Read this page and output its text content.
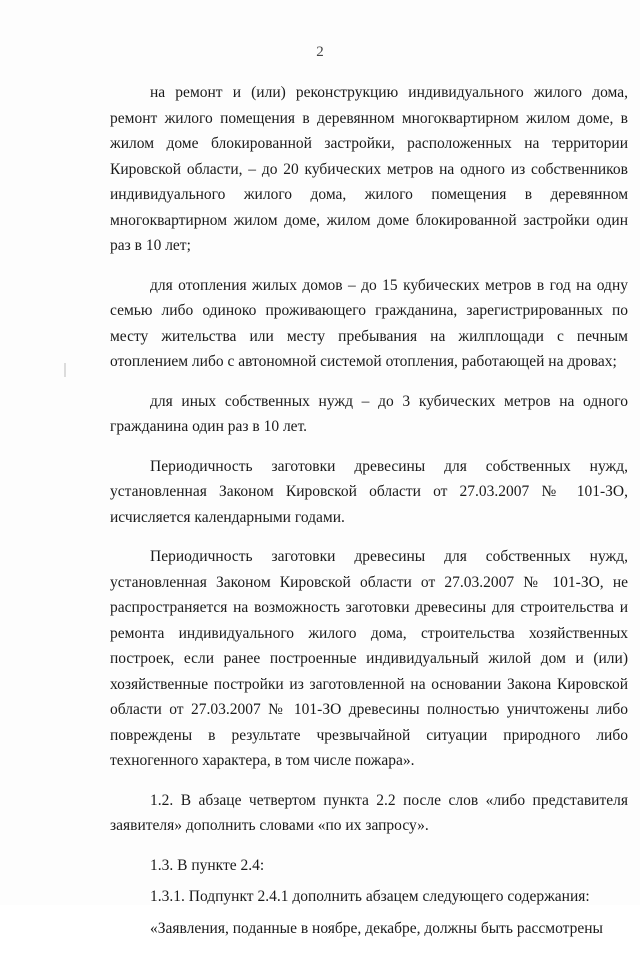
2

на ремонт и (или) реконструкцию индивидуального жилого дома, ремонт жилого помещения в деревянном многоквартирном жилом доме, в жилом доме блокированной застройки, расположенных на территории Кировской области, – до 20 кубических метров на одного из собственников индивидуального жилого дома, жилого помещения в деревянном многоквартирном жилом доме, жилом доме блокированной застройки один раз в 10 лет;

для отопления жилых домов – до 15 кубических метров в год на одну семью либо одиноко проживающего гражданина, зарегистрированных по месту жительства или месту пребывания на жилплощади с печным отоплением либо с автономной системой отопления, работающей на дровах;

для иных собственных нужд – до 3 кубических метров на одного гражданина один раз в 10 лет.

Периодичность заготовки древесины для собственных нужд, установленная Законом Кировской области от 27.03.2007 № 101-ЗО, исчисляется календарными годами.

Периодичность заготовки древесины для собственных нужд, установленная Законом Кировской области от 27.03.2007 № 101-ЗО, не распространяется на возможность заготовки древесины для строительства и ремонта индивидуального жилого дома, строительства хозяйственных построек, если ранее построенные индивидуальный жилой дом и (или) хозяйственные постройки из заготовленной на основании Закона Кировской области от 27.03.2007 № 101-ЗО древесины полностью уничтожены либо повреждены в результате чрезвычайной ситуации природного либо техногенного характера, в том числе пожара».

1.2. В абзаце четвертом пункта 2.2 после слов «либо представителя заявителя» дополнить словами «по их запросу».

1.3. В пункте 2.4:

1.3.1. Подпункт 2.4.1 дополнить абзацем следующего содержания:

«Заявления, поданные в ноябре, декабре, должны быть рассмотрены
